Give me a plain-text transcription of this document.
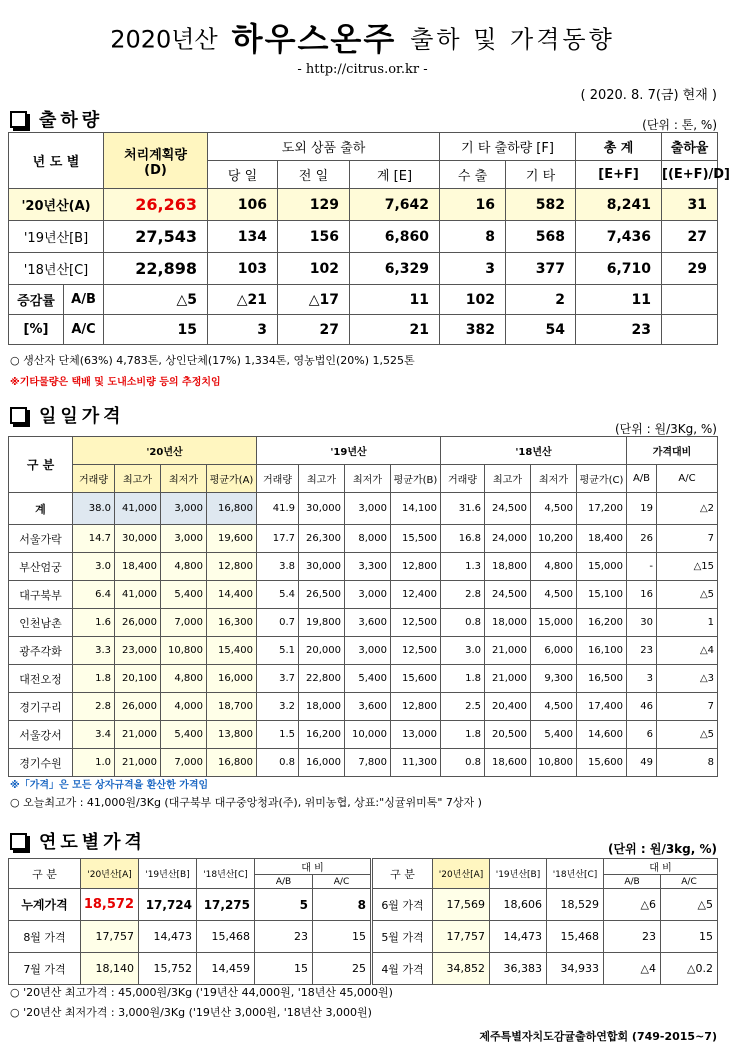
2020년산 하우스온주 출하 및 가격동향
- http://citrus.or.kr -
( 2020. 8. 7(금) 현재 )
출하량	(단위 : 톤, %)
년 도 별		처리계획량
(D)	도외 상품 출하			기 타 출하량 [F]		총 계	출하율
			당 일	전 일	계 [E]	수 출	기 타	[E+F]	[(E+F)/D]
'20년산(A)		26,263	106	129	7,642	16	582	8,241	31
'19년산[B]		27,543	134	156	6,860	8	568	7,436	27
'18년산[C]		22,898	103	102	6,329	3	377	6,710	29
증감률	A/B	△5	△21	△17	11	102	2	11	
[%]	A/C	15	3	27	21	382	54	23	
○ 생산자 단체(63%) 4,783톤, 상인단체(17%) 1,334톤, 영농법인(20%) 1,525톤
※기타물량은 택배 및 도내소비량 등의 추정치임
일일가격
(단위 : 원/3Kg, %)
구 분	'20년산				'19년산				'18년산				가격대비	
	거래량	최고가	최저가	평균가(A)	거래량	최고가	최저가	평균가(B)	거래량	최고가	최저가	평균가(C)	A/B	A/C
계	38.0	41,000	3,000	16,800	41.9	30,000	3,000	14,100	31.6	24,500	4,500	17,200	19	△2
서울가락	14.7	30,000	3,000	19,600	17.7	26,300	8,000	15,500	16.8	24,000	10,200	18,400	26	7
부산엄궁	3.0	18,400	4,800	12,800	3.8	30,000	3,300	12,800	1.3	18,800	4,800	15,000	-	△15
대구북부	6.4	41,000	5,400	14,400	5.4	26,500	3,000	12,400	2.8	24,500	4,500	15,100	16	△5
인천남촌	1.6	26,000	7,000	16,300	0.7	19,800	3,600	12,500	0.8	18,000	15,000	16,200	30	1
광주각화	3.3	23,000	10,800	15,400	5.1	20,000	3,000	12,500	3.0	21,000	6,000	16,100	23	△4
대전오정	1.8	20,100	4,800	16,000	3.7	22,800	5,400	15,600	1.8	21,000	9,300	16,500	3	△3
경기구리	2.8	26,000	4,000	18,700	3.2	18,000	3,600	12,800	2.5	20,400	4,500	17,400	46	7
서울강서	3.4	21,000	5,400	13,800	1.5	16,200	10,000	13,000	1.8	20,500	5,400	14,600	6	△5
경기수원	1.0	21,000	7,000	16,800	0.8	16,000	7,800	11,300	0.8	18,600	10,800	15,600	49	8
※「가격」은 모든 상자규격을 환산한 가격임
○ 오늘최고가 : 41,000원/3Kg (대구북부 대구중앙청과(주), 위미농협, 상표:"싱귤위미톡" 7상자 )
연도별가격	(단위 : 원/3kg, %)
구 분	'20년산[A]	'19년산[B]	'18년산[C]	대 비	
				A/B	A/C
누계가격	18,572	17,724	17,275	5	8
8월 가격	17,757	14,473	15,468	23	15
7월 가격	18,140	15,752	14,459	15	25
구 분	'20년산[A]	'19년산[B]	'18년산[C]	대 비	
				A/B	A/C
6월 가격	17,569	18,606	18,529	△6	△5
5월 가격	17,757	14,473	15,468	23	15
4월 가격	34,852	36,383	34,933	△4	△0.2
○ '20년산 최고가격 : 45,000원/3Kg ('19년산 44,000원, '18년산 45,000원)
○ '20년산 최저가격 : 3,000원/3Kg ('19년산 3,000원, '18년산 3,000원)
제주특별자치도감귤출하연합회 (749-2015~7)
